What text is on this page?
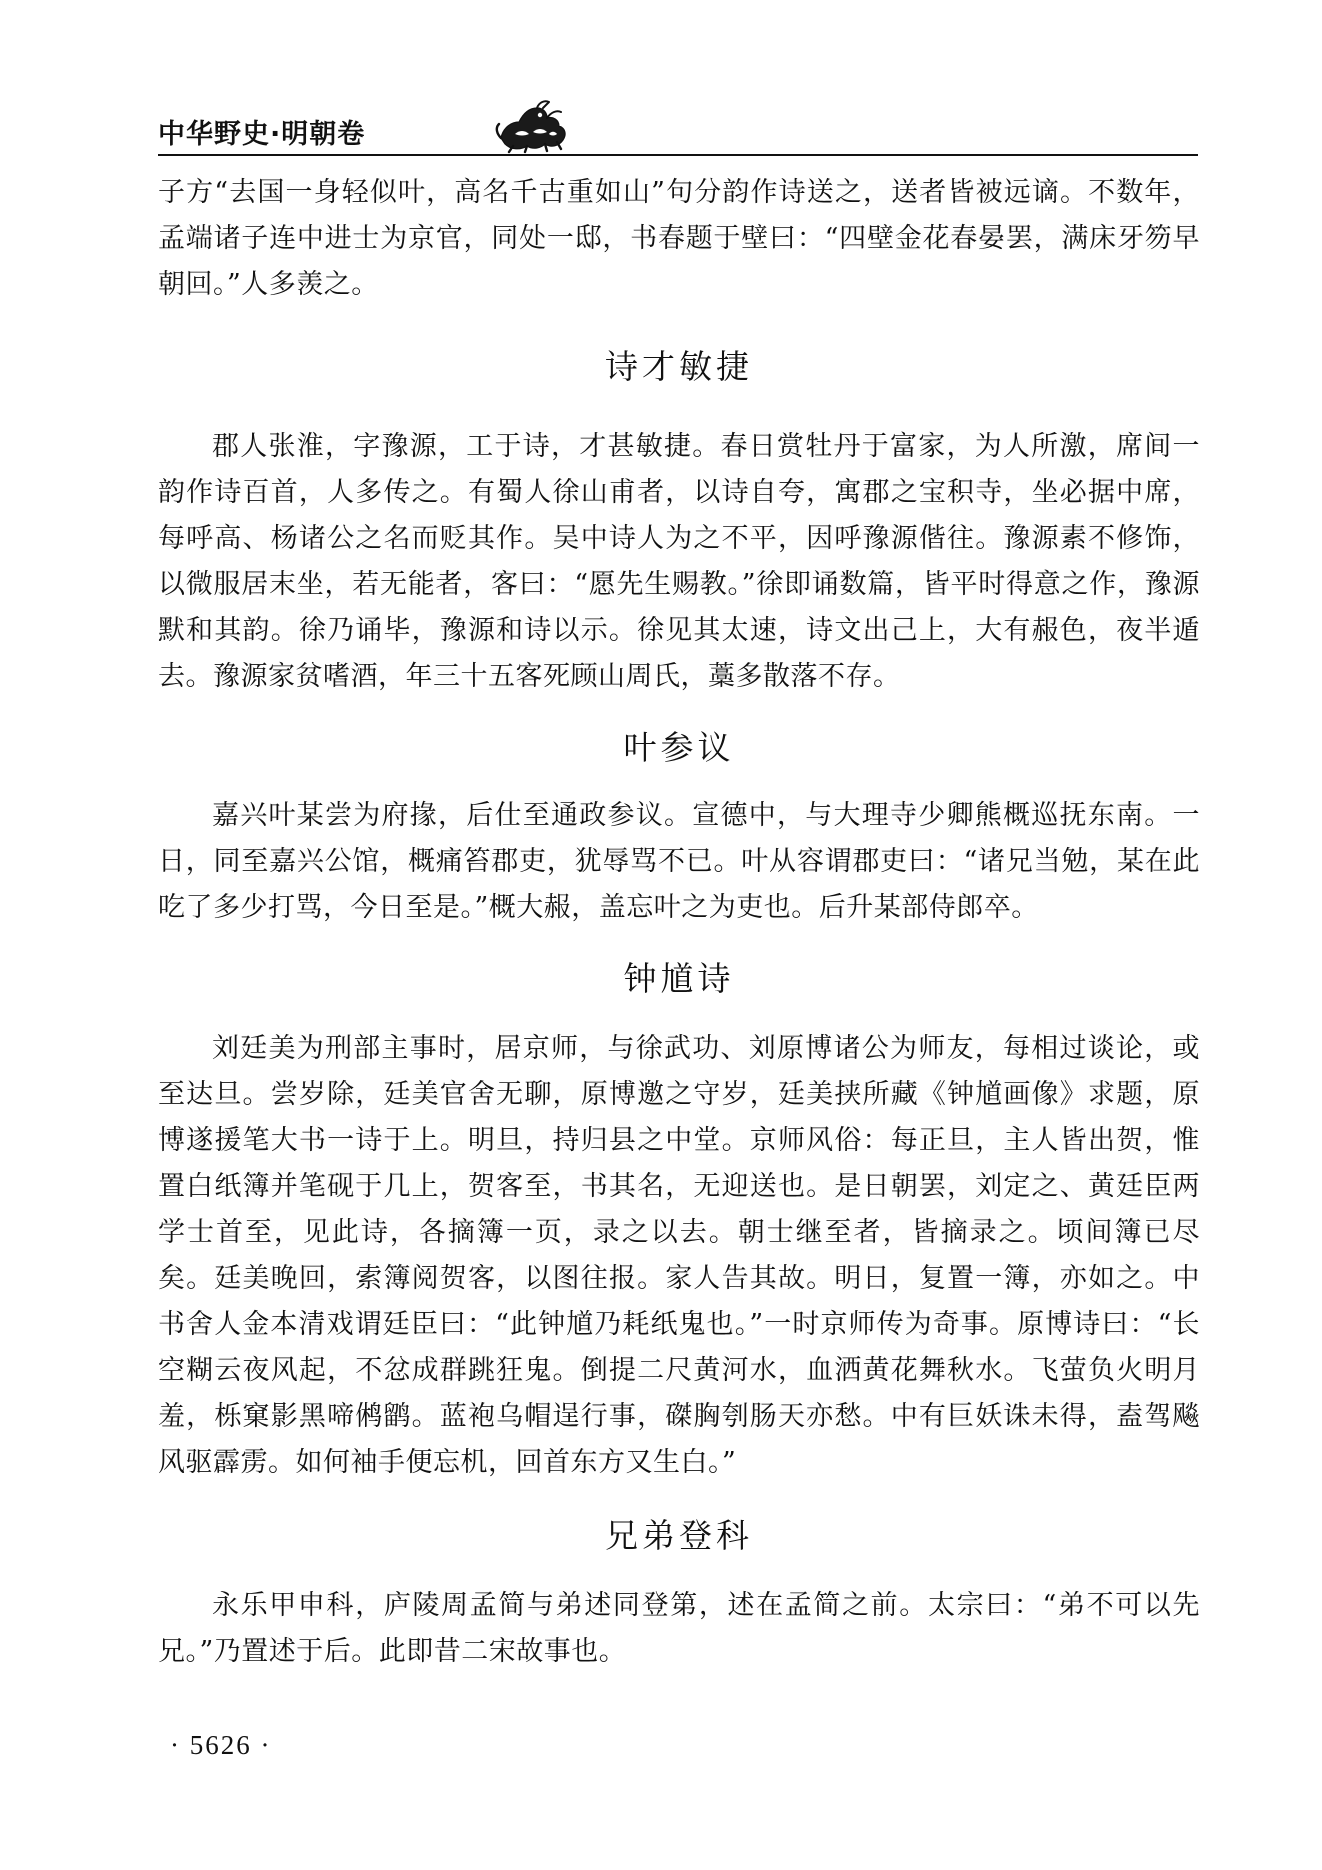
中华野史·明朝卷

子方“去国一身轻似叶，高名千古重如山”句分韵作诗送之，送者皆被远谪。不数年，孟端诸子连中进士为京官，同处一邸，书春题于壁曰：“四壁金花春晏罢，满床牙笏早朝回。”人多羡之。

诗才敏捷

郡人张淮，字豫源，工于诗，才甚敏捷。春日赏牡丹于富家，为人所激，席间一韵作诗百首，人多传之。有蜀人徐山甫者，以诗自夸，寓郡之宝积寺，坐必据中席，每呼高、杨诸公之名而贬其作。吴中诗人为之不平，因呼豫源偕往。豫源素不修饰，以微服居末坐，若无能者，客曰：“愿先生赐教。”徐即诵数篇，皆平时得意之作，豫源默和其韵。徐乃诵毕，豫源和诗以示。徐见其太速，诗文出己上，大有赧色，夜半遁去。豫源家贫嗜酒，年三十五客死顾山周氏，藁多散落不存。

叶参议

嘉兴叶某尝为府掾，后仕至通政参议。宣德中，与大理寺少卿熊概巡抚东南。一日，同至嘉兴公馆，概痛笞郡吏，犹辱骂不已。叶从容谓郡吏曰：“诸兄当勉，某在此吃了多少打骂，今日至是。”概大赧，盖忘叶之为吏也。后升某部侍郎卒。

钟馗诗

刘廷美为刑部主事时，居京师，与徐武功、刘原博诸公为师友，每相过谈论，或至达旦。尝岁除，廷美官舍无聊，原博邀之守岁，廷美挟所藏《钟馗画像》求题，原博遂援笔大书一诗于上。明旦，持归县之中堂。京师风俗：每正旦，主人皆出贺，惟置白纸簿并笔砚于几上，贺客至，书其名，无迎送也。是日朝罢，刘定之、黄廷臣两学士首至，见此诗，各摘簿一页，录之以去。朝士继至者，皆摘录之。顷间簿已尽矣。廷美晚回，索簿阅贺客，以图往报。家人告其故。明日，复置一簿，亦如之。中书舍人金本清戏谓廷臣曰：“此钟馗乃耗纸鬼也。”一时京师传为奇事。原博诗曰：“长空糊云夜风起，不忿成群跳狂鬼。倒提二尺黄河水，血洒黄花舞秋水。飞萤负火明月羞，栎窠影黑啼鸺鹠。蓝袍乌帽逞行事，磔胸刳肠天亦愁。中有巨妖诛未得，盍驾飚风驱霹雳。如何袖手便忘机，回首东方又生白。”

兄弟登科

永乐甲申科，庐陵周孟简与弟述同登第，述在孟简之前。太宗曰：“弟不可以先兄。”乃置述于后。此即昔二宋故事也。

· 5626 ·
